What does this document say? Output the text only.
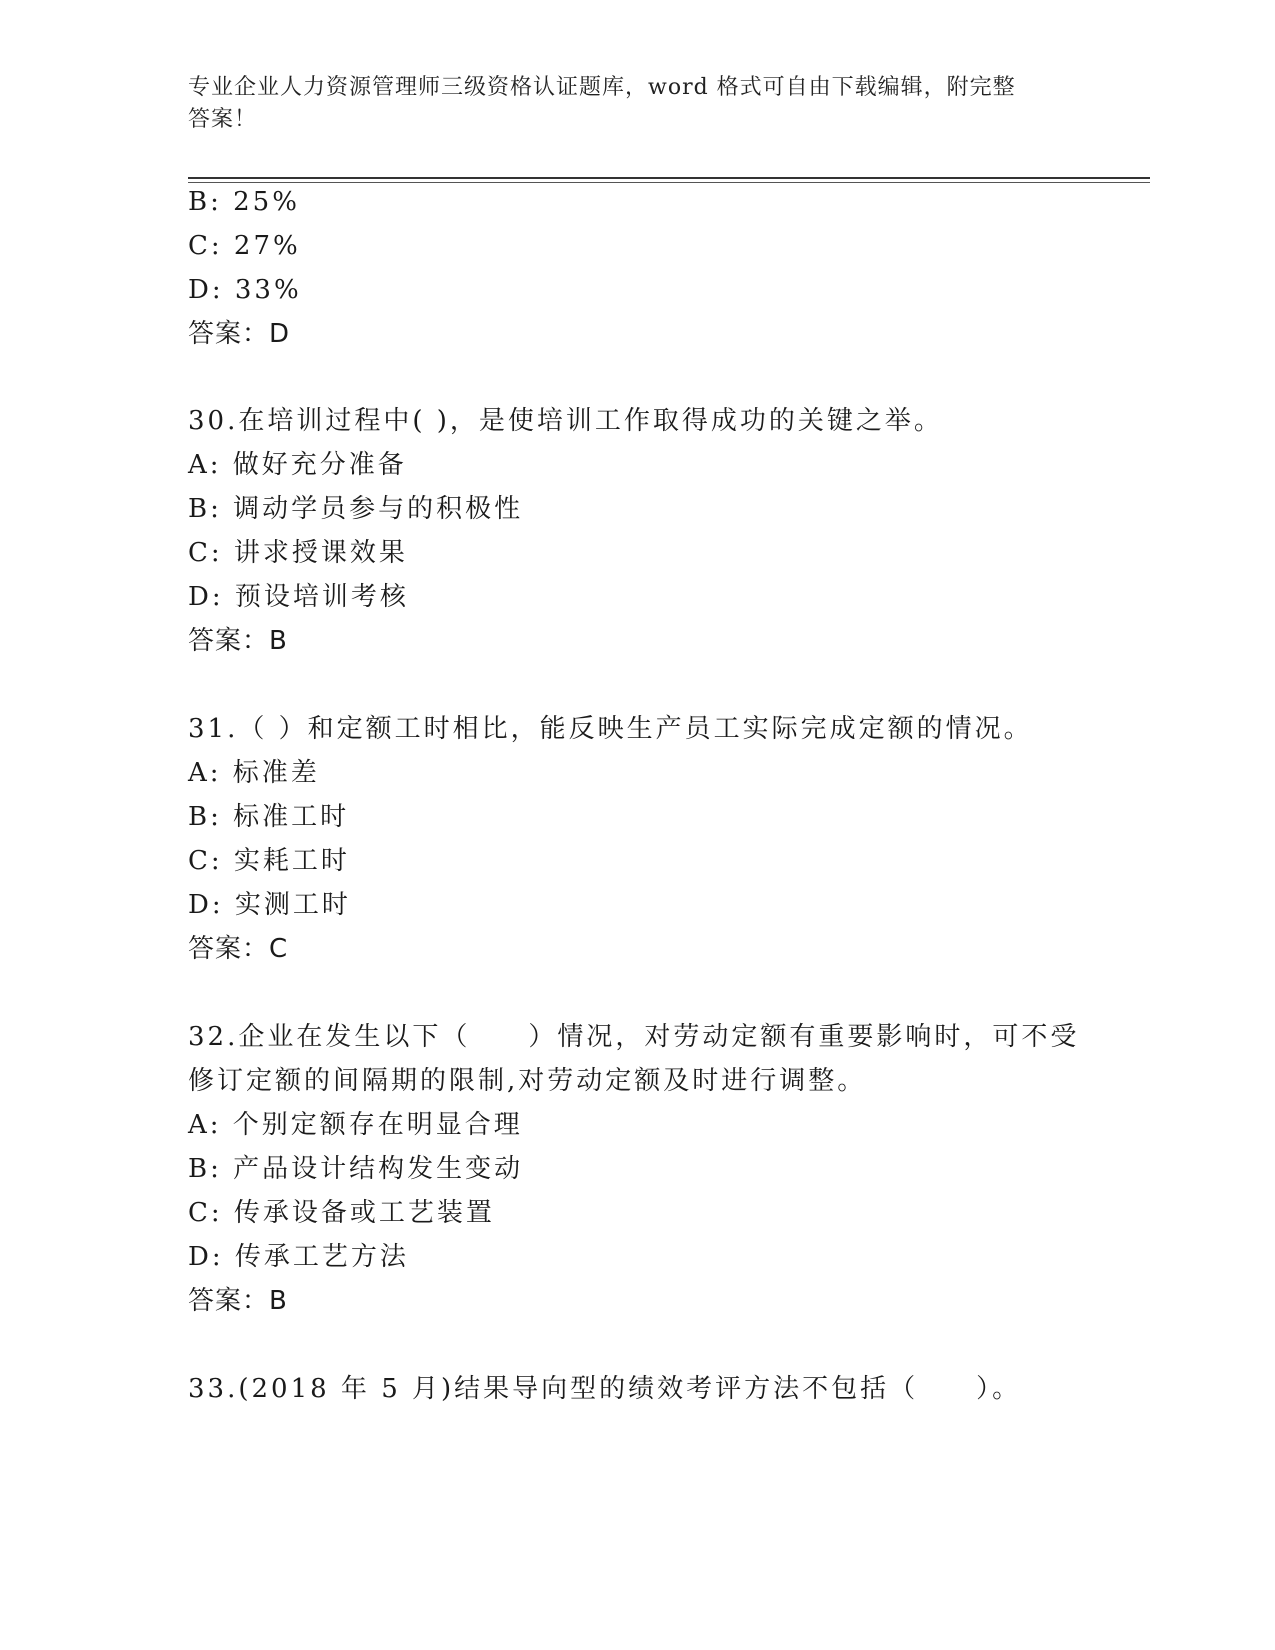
专业企业人力资源管理师三级资格认证题库，word 格式可自由下载编辑，附完整
答案！
B: 25%
C: 27%
D: 33%
答案：D
30.在培训过程中( )，是使培训工作取得成功的关键之举。
A: 做好充分准备
B: 调动学员参与的积极性
C: 讲求授课效果
D: 预设培训考核
答案：B
31.（ ）和定额工时相比，能反映生产员工实际完成定额的情况。
A: 标准差
B: 标准工时
C: 实耗工时
D: 实测工时
答案：C
32.企业在发生以下（　　）情况，对劳动定额有重要影响时，可不受
修订定额的间隔期的限制,对劳动定额及时进行调整。
A: 个别定额存在明显合理
B: 产品设计结构发生变动
C: 传承设备或工艺装置
D: 传承工艺方法
答案：B
33.(2018 年 5 月)结果导向型的绩效考评方法不包括（　　）。
